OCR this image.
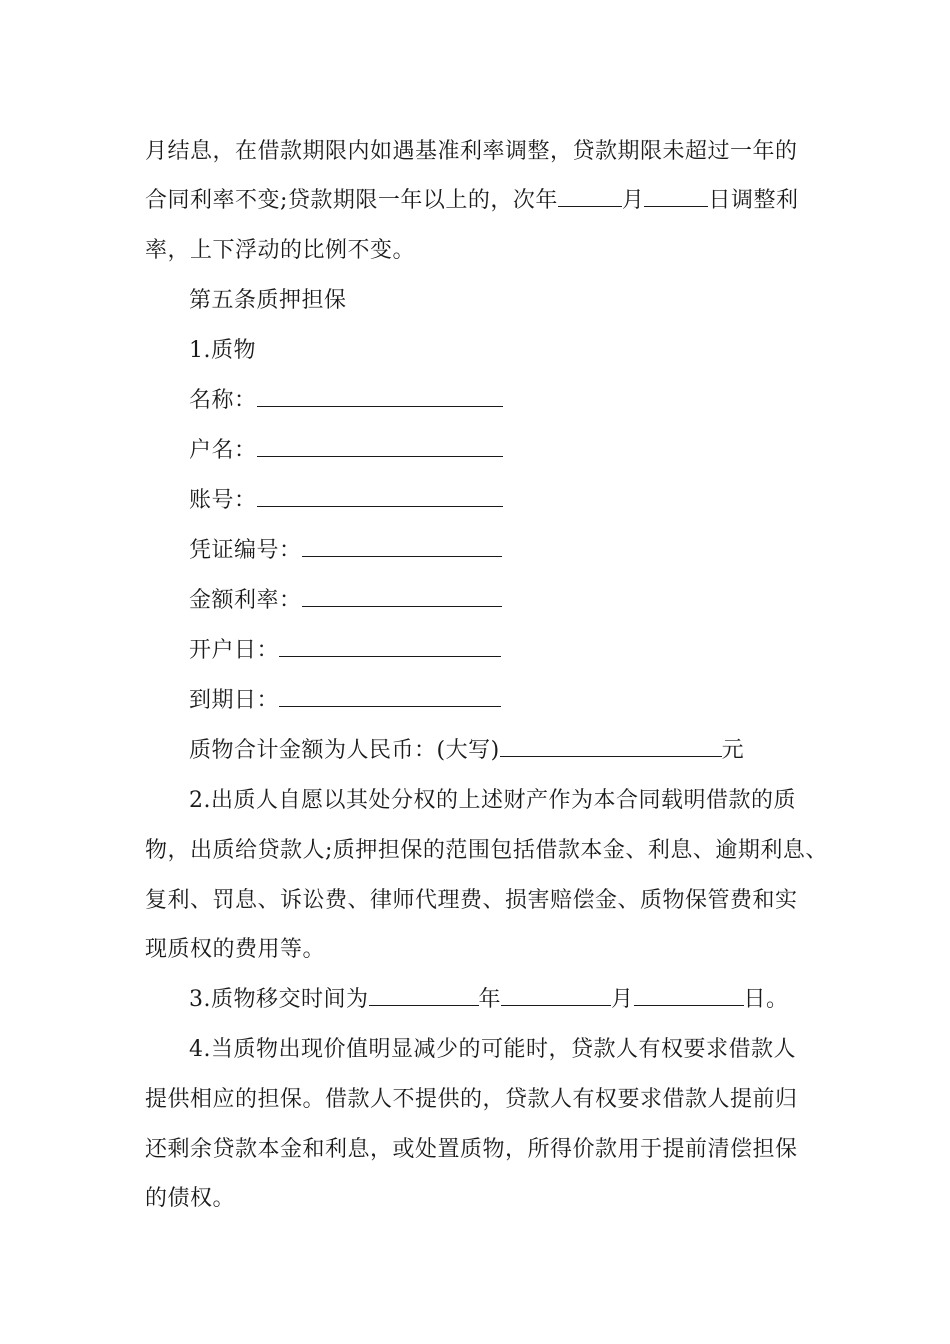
月结息，在借款期限内如遇基准利率调整，贷款期限未超过一年的
合同利率不变;贷款期限一年以上的，次年	月	日调整利
率，上下浮动的比例不变。
第五条质押担保
1.质物
名称：
户名：
账号：
凭证编号：
金额利率：
开户日：
到期日：
质物合计金额为人民币：(大写)	元
2.出质人自愿以其处分权的上述财产作为本合同载明借款的质
物，出质给贷款人;质押担保的范围包括借款本金、利息、逾期利息、
复利、罚息、诉讼费、律师代理费、损害赔偿金、质物保管费和实
现质权的费用等。
3.质物移交时间为	年	月	日。
4.当质物出现价值明显减少的可能时，贷款人有权要求借款人
提供相应的担保。借款人不提供的，贷款人有权要求借款人提前归
还剩余贷款本金和利息，或处置质物，所得价款用于提前清偿担保
的债权。
